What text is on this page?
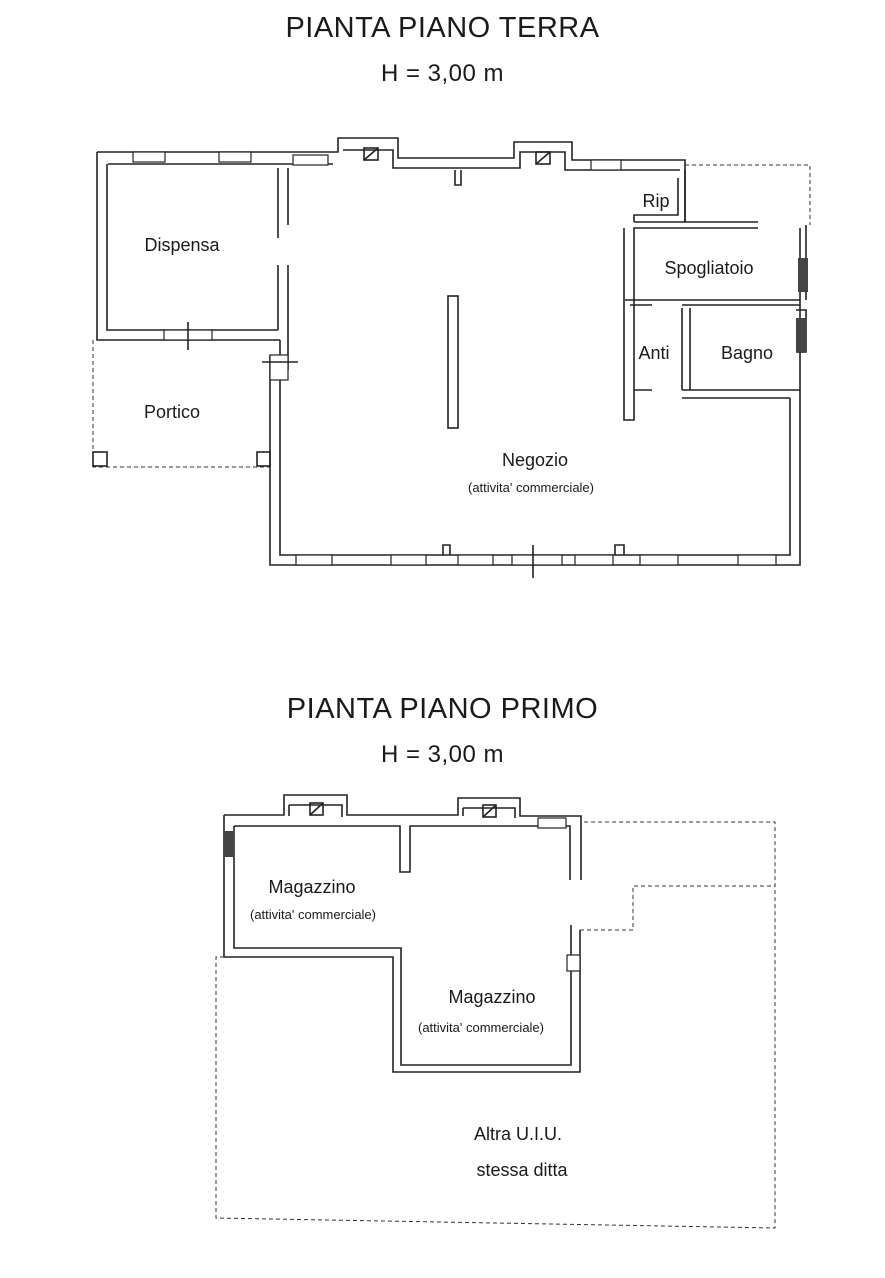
PIANTA PIANO TERRA
H = 3,00 m
PIANTA PIANO PRIMO
H = 3,00 m
Dispensa
Portico
Rip
Spogliatoio
Anti	Bagno
Negozio
(attivita' commerciale)
Magazzino
(attivita' commerciale)
Magazzino
(attivita' commerciale)
Altra U.I.U.
stessa ditta
